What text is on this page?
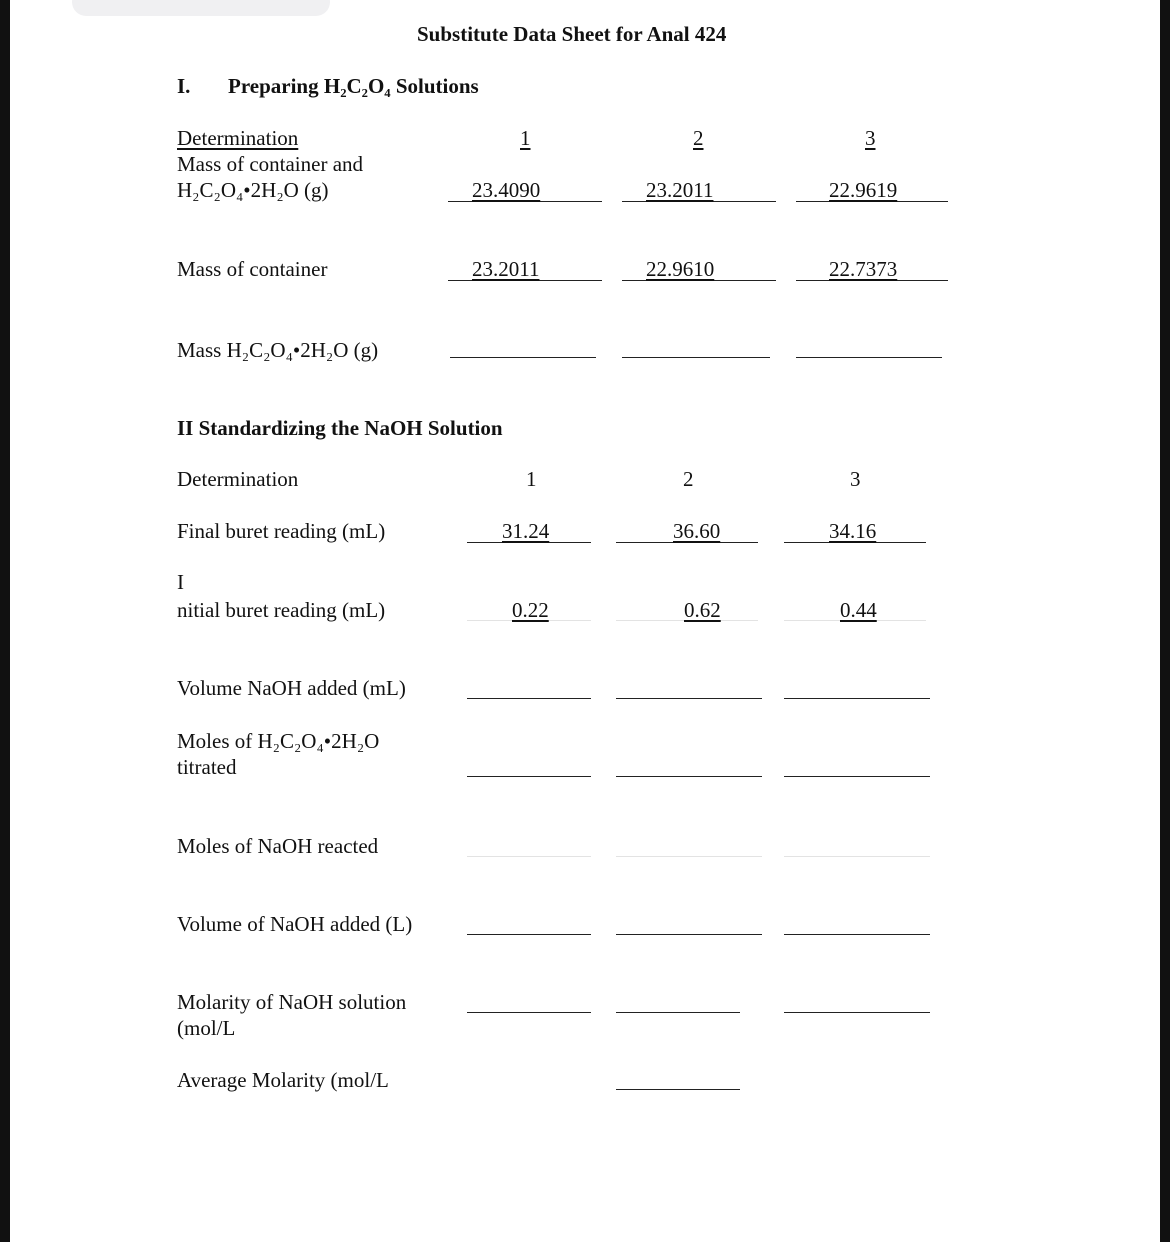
Substitute Data Sheet for Anal 424
I. Preparing H₂C₂O₄ Solutions
Determination	1	2	3
Mass of container and
H₂C₂O₄•2H₂O (g)	23.4090	23.2011	22.9619
Mass of container	23.2011	22.9610	22.7373
Mass H₂C₂O₄•2H₂O (g)
II Standardizing the NaOH Solution
Determination	1	2	3
Final buret reading (mL)	31.24	36.60	34.16
I
nitial buret reading (mL)	0.22	0.62	0.44
Volume NaOH added (mL)
Moles of H₂C₂O₄•2H₂O
titrated
Moles of NaOH reacted
Volume of NaOH added (L)
Molarity of NaOH solution
(mol/L
Average Molarity (mol/L
